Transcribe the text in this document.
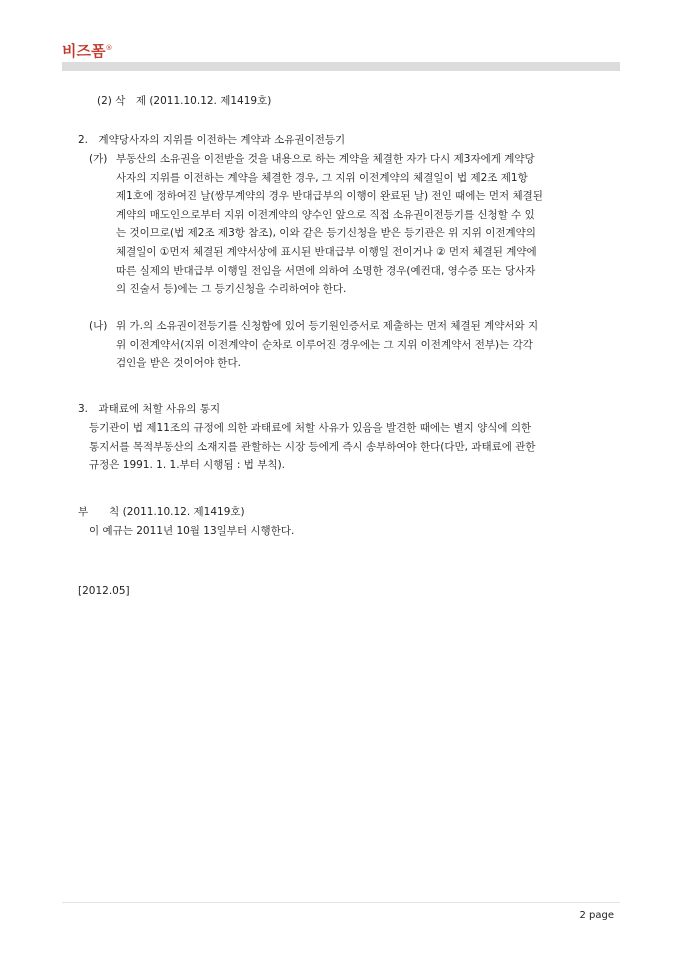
비즈폼®
(2) 삭　제 (2011.10.12. 제1419호)
2.　계약당사자의 지위를 이전하는 계약과 소유권이전등기
(가) 부동산의 소유권을 이전받을 것을 내용으로 하는 계약을 체결한 자가 다시 제3자에게 계약당
사자의 지위를 이전하는 계약을 체결한 경우, 그 지위 이전계약의 체결일이 법 제2조 제1항
제1호에 정하여진 날(쌍무계약의 경우 반대급부의 이행이 완료된 날) 전인 때에는 먼저 체결된
계약의 매도인으로부터 지위 이전계약의 양수인 앞으로 직접 소유권이전등기를 신청할 수 있
는 것이므로(법 제2조 제3항 참조), 이와 같은 등기신청을 받은 등기관은 위 지위 이전계약의
체결일이 ①먼저 체결된 계약서상에 표시된 반대급부 이행일 전이거나 ② 먼저 체결된 계약에
따른 실제의 반대급부 이행일 전임을 서면에 의하여 소명한 경우(예컨대, 영수증 또는 당사자
의 진술서 등)에는 그 등기신청을 수리하여야 한다.
(나) 위 가.의 소유권이전등기를 신청함에 있어 등기원인증서로 제출하는 먼저 체결된 계약서와 지
위 이전계약서(지위 이전계약이 순차로 이루어진 경우에는 그 지위 이전계약서 전부)는 각각
검인을 받은 것이어야 한다.
3.　과태료에 처할 사유의 통지
등기관이 법 제11조의 규정에 의한 과태료에 처할 사유가 있음을 발견한 때에는 별지 양식에 의한
통지서를 목적부동산의 소재지를 관할하는 시장 등에게 즉시 송부하여야 한다(다만, 과태료에 관한
규정은 1991. 1. 1.부터 시행됨 : 법 부칙).
부　　칙 (2011.10.12. 제1419호)
이 예규는 2011년 10월 13일부터 시행한다.
[2012.05]
2 page
